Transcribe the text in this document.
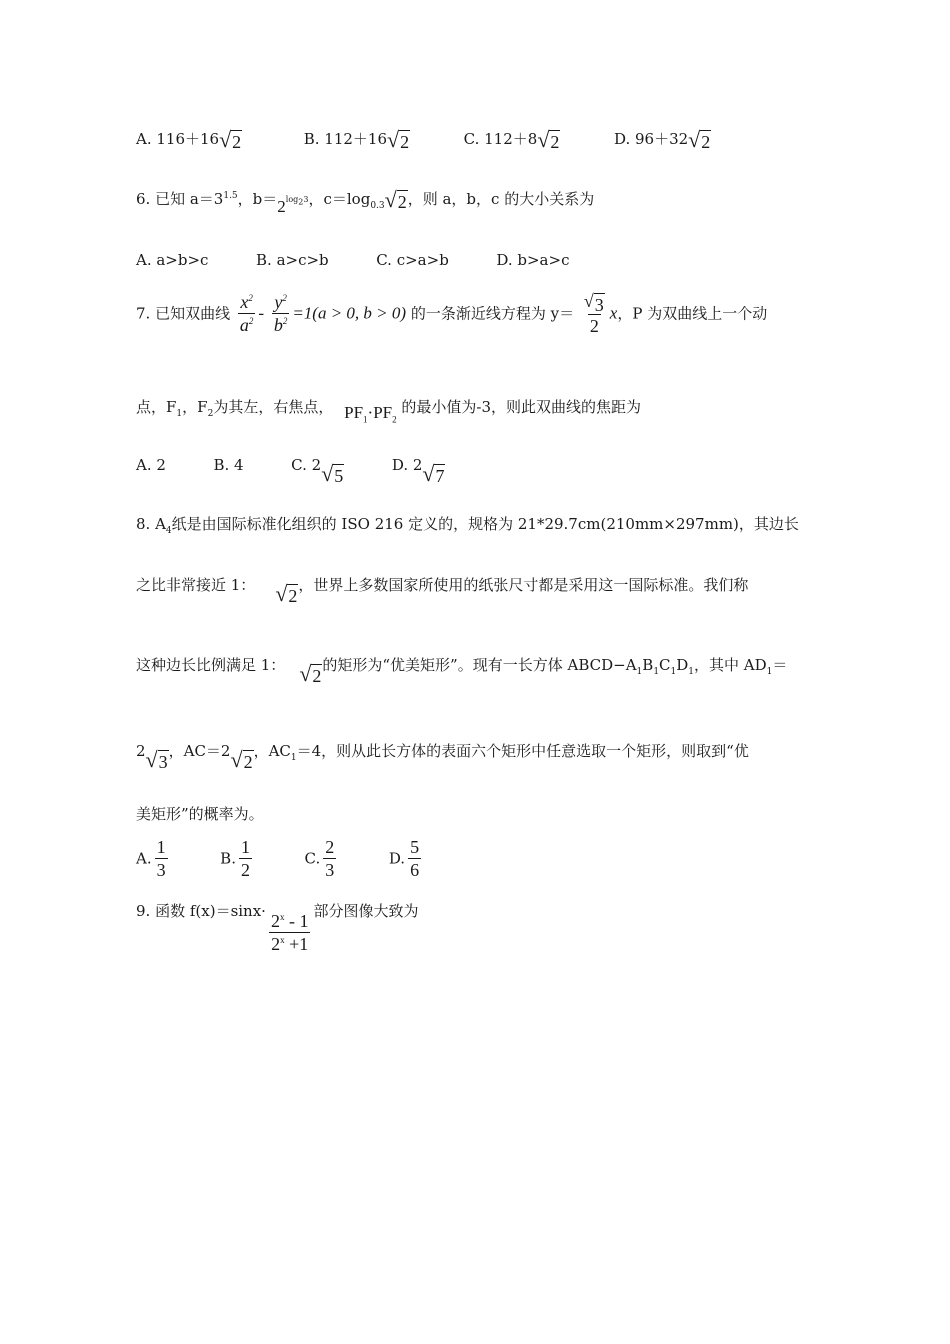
A. 116＋16 √ 2	B. 112＋16 √ 2	C. 112＋8 √ 2	D. 96＋32 √ 2
6. 已知 $a=3^{1.5}$，$b=2^{log_23}$，$c=\log_{0.3}$ √ 2 ，则 a，b，c 的大小关系为
A. a>b>c	B. a>c>b	C. c>a>b	D. b>a>c
7. 已知双曲线 $\frac{x^2}{a^2} - \frac{y^2}{b^2} =1(a > 0$, b > 0) 的一条渐近线方程为 $y= \frac{√ 3}{2}$ x，P 为双曲线上一个动
点，$F_1$，$F_2$为其左，右焦点， $PF_1\cdot PF_2$ 的最小值为-3，则此双曲线的焦距为
A. 2	B. 4	C. 2 √ 5
D. 2 √ 7
8. $A_4$纸是由国际标准化组织的 ISO 216 定义的，规格为 21*29.7cm(210mm×297mm)，其边长
之比非常接近 1： √ 2
，世界上多数国家所使用的纸张尺寸都是采用这一国际标准。我们称
这种边长比例满足 1： √ 2
的矩形为“优美矩形”。现有一长方体 $ABCD-A_1B_1C_1D_1$，其中 $AD_1=$
2 √ 3
，AC＝2 √ 2
，$AC_1=4$，则从此长方体的表面六个矩形中任意选取一个矩形，则取到“优
美矩形”的概率为。
A. $\frac{1}{3}$	B. $\frac{1}{2}$	C. $\frac{2}{3}$	D. $\frac{5}{6}$
9. 函数 f(x)＝sinx·
$\frac{2^x - 1}{2^x +1}$
部分图像大致为
